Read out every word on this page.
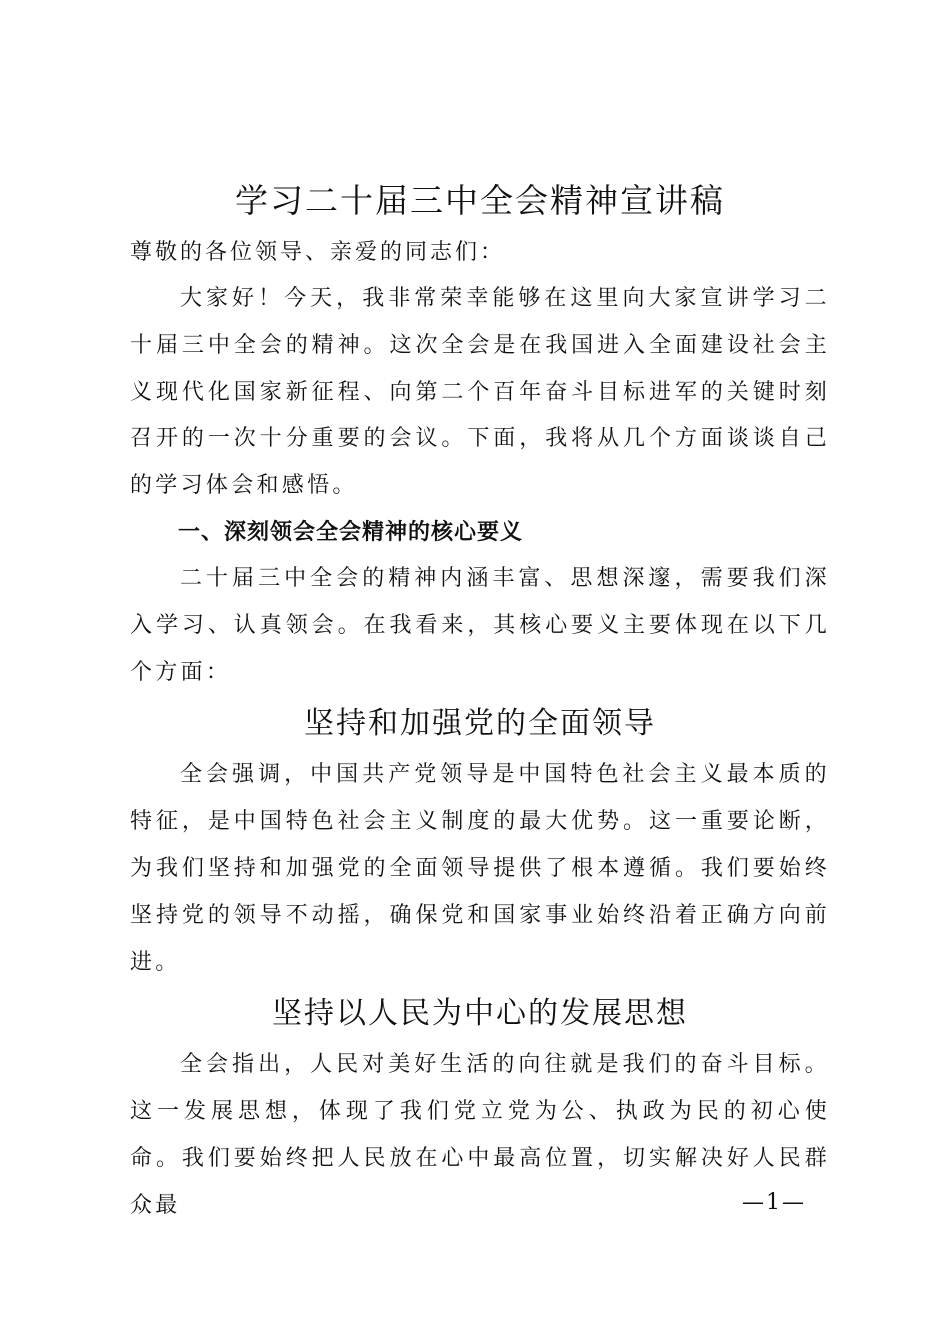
学习二十届三中全会精神宣讲稿

尊敬的各位领导、亲爱的同志们：

大家好！今天，我非常荣幸能够在这里向大家宣讲学习二十届三中全会的精神。这次全会是在我国进入全面建设社会主义现代化国家新征程、向第二个百年奋斗目标进军的关键时刻召开的一次十分重要的会议。下面，我将从几个方面谈谈自己的学习体会和感悟。

一、深刻领会全会精神的核心要义

二十届三中全会的精神内涵丰富、思想深邃，需要我们深入学习、认真领会。在我看来，其核心要义主要体现在以下几个方面：

坚持和加强党的全面领导

全会强调，中国共产党领导是中国特色社会主义最本质的特征，是中国特色社会主义制度的最大优势。这一重要论断，为我们坚持和加强党的全面领导提供了根本遵循。我们要始终坚持党的领导不动摇，确保党和国家事业始终沿着正确方向前进。

坚持以人民为中心的发展思想

全会指出，人民对美好生活的向往就是我们的奋斗目标。这一发展思想，体现了我们党立党为公、执政为民的初心使命。我们要始终把人民放在心中最高位置，切实解决好人民群众最	—1—
